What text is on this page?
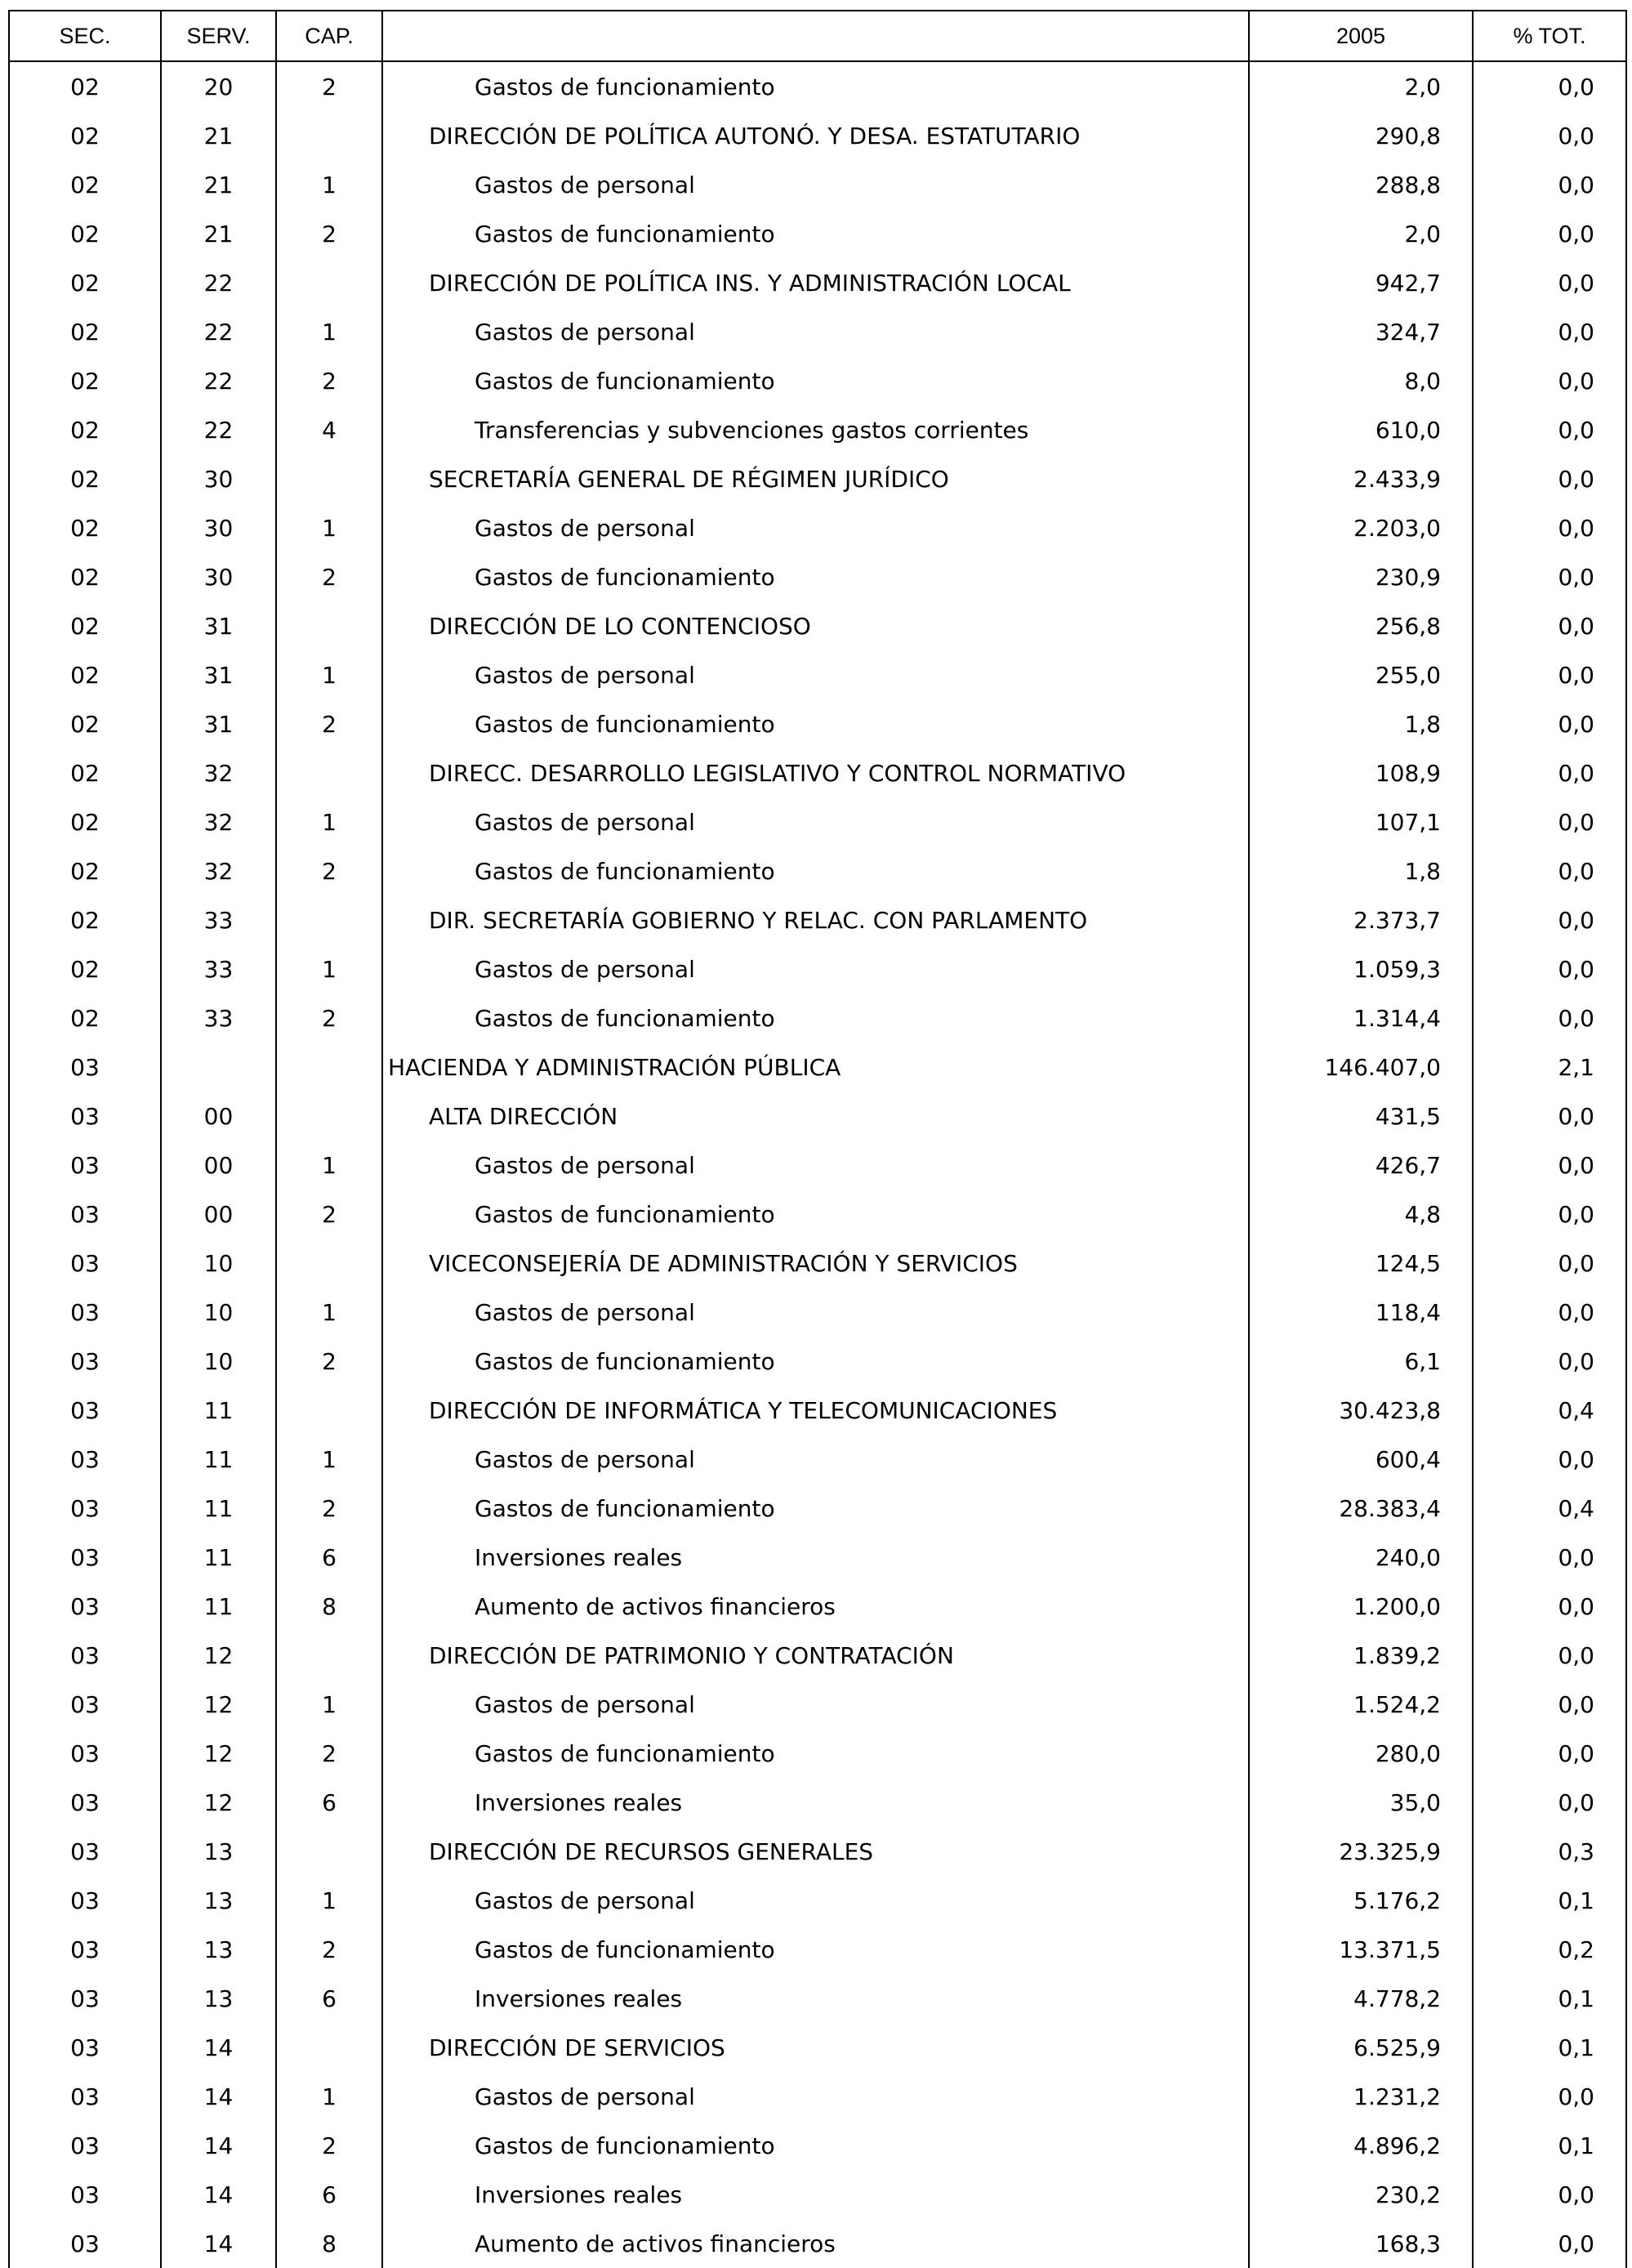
SEC.	SERV.	CAP.		2005	% TOT.
02	20	2	Gastos de funcionamiento	2,0	0,0
02	21		DIRECCIÓN DE POLÍTICA AUTONÓ. Y DESA. ESTATUTARIO	290,8	0,0
02	21	1	Gastos de personal	288,8	0,0
02	21	2	Gastos de funcionamiento	2,0	0,0
02	22		DIRECCIÓN DE POLÍTICA INS. Y ADMINISTRACIÓN LOCAL	942,7	0,0
02	22	1	Gastos de personal	324,7	0,0
02	22	2	Gastos de funcionamiento	8,0	0,0
02	22	4	Transferencias y subvenciones gastos corrientes	610,0	0,0
02	30		SECRETARÍA GENERAL DE RÉGIMEN JURÍDICO	2.433,9	0,0
02	30	1	Gastos de personal	2.203,0	0,0
02	30	2	Gastos de funcionamiento	230,9	0,0
02	31		DIRECCIÓN DE LO CONTENCIOSO	256,8	0,0
02	31	1	Gastos de personal	255,0	0,0
02	31	2	Gastos de funcionamiento	1,8	0,0
02	32		DIRECC. DESARROLLO LEGISLATIVO Y CONTROL NORMATIVO	108,9	0,0
02	32	1	Gastos de personal	107,1	0,0
02	32	2	Gastos de funcionamiento	1,8	0,0
02	33		DIR. SECRETARÍA GOBIERNO Y RELAC. CON PARLAMENTO	2.373,7	0,0
02	33	1	Gastos de personal	1.059,3	0,0
02	33	2	Gastos de funcionamiento	1.314,4	0,0
03			HACIENDA Y ADMINISTRACIÓN PÚBLICA	146.407,0	2,1
03	00		ALTA DIRECCIÓN	431,5	0,0
03	00	1	Gastos de personal	426,7	0,0
03	00	2	Gastos de funcionamiento	4,8	0,0
03	10		VICECONSEJERÍA DE ADMINISTRACIÓN Y SERVICIOS	124,5	0,0
03	10	1	Gastos de personal	118,4	0,0
03	10	2	Gastos de funcionamiento	6,1	0,0
03	11		DIRECCIÓN DE INFORMÁTICA Y TELECOMUNICACIONES	30.423,8	0,4
03	11	1	Gastos de personal	600,4	0,0
03	11	2	Gastos de funcionamiento	28.383,4	0,4
03	11	6	Inversiones reales	240,0	0,0
03	11	8	Aumento de activos financieros	1.200,0	0,0
03	12		DIRECCIÓN DE PATRIMONIO Y CONTRATACIÓN	1.839,2	0,0
03	12	1	Gastos de personal	1.524,2	0,0
03	12	2	Gastos de funcionamiento	280,0	0,0
03	12	6	Inversiones reales	35,0	0,0
03	13		DIRECCIÓN DE RECURSOS GENERALES	23.325,9	0,3
03	13	1	Gastos de personal	5.176,2	0,1
03	13	2	Gastos de funcionamiento	13.371,5	0,2
03	13	6	Inversiones reales	4.778,2	0,1
03	14		DIRECCIÓN DE SERVICIOS	6.525,9	0,1
03	14	1	Gastos de personal	1.231,2	0,0
03	14	2	Gastos de funcionamiento	4.896,2	0,1
03	14	6	Inversiones reales	230,2	0,0
03	14	8	Aumento de activos financieros	168,3	0,0
